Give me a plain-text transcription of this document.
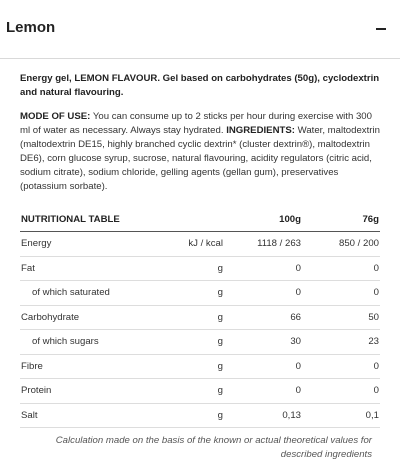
Lemon
Energy gel, LEMON FLAVOUR. Gel based on carbohydrates (50g), cyclodextrin and natural flavouring.
MODE OF USE: You can consume up to 2 sticks per hour during exercise with 300 ml of water as necessary. Always stay hydrated. INGREDIENTS: Water, maltodextrin (maltodextrin DE15, highly branched cyclic dextrin* (cluster dextrin®), maltodextrin DE6), corn glucose syrup, sucrose, natural flavouring, acidity regulators (citric acid, sodium citrate), sodium chloride, gelling agents (gellan gum), preservatives (potassium sorbate).
NUTRITIONAL TABLE		100g	76g
Energy	kJ / kcal	1118 / 263	850 / 200
Fat	g	0	0
of which saturated	g	0	0
Carbohydrate	g	66	50
of which sugars	g	30	23
Fibre	g	0	0
Protein	g	0	0
Salt	g	0,13	0,1
Calculation made on the basis of the known or actual theoretical values for described ingredients
